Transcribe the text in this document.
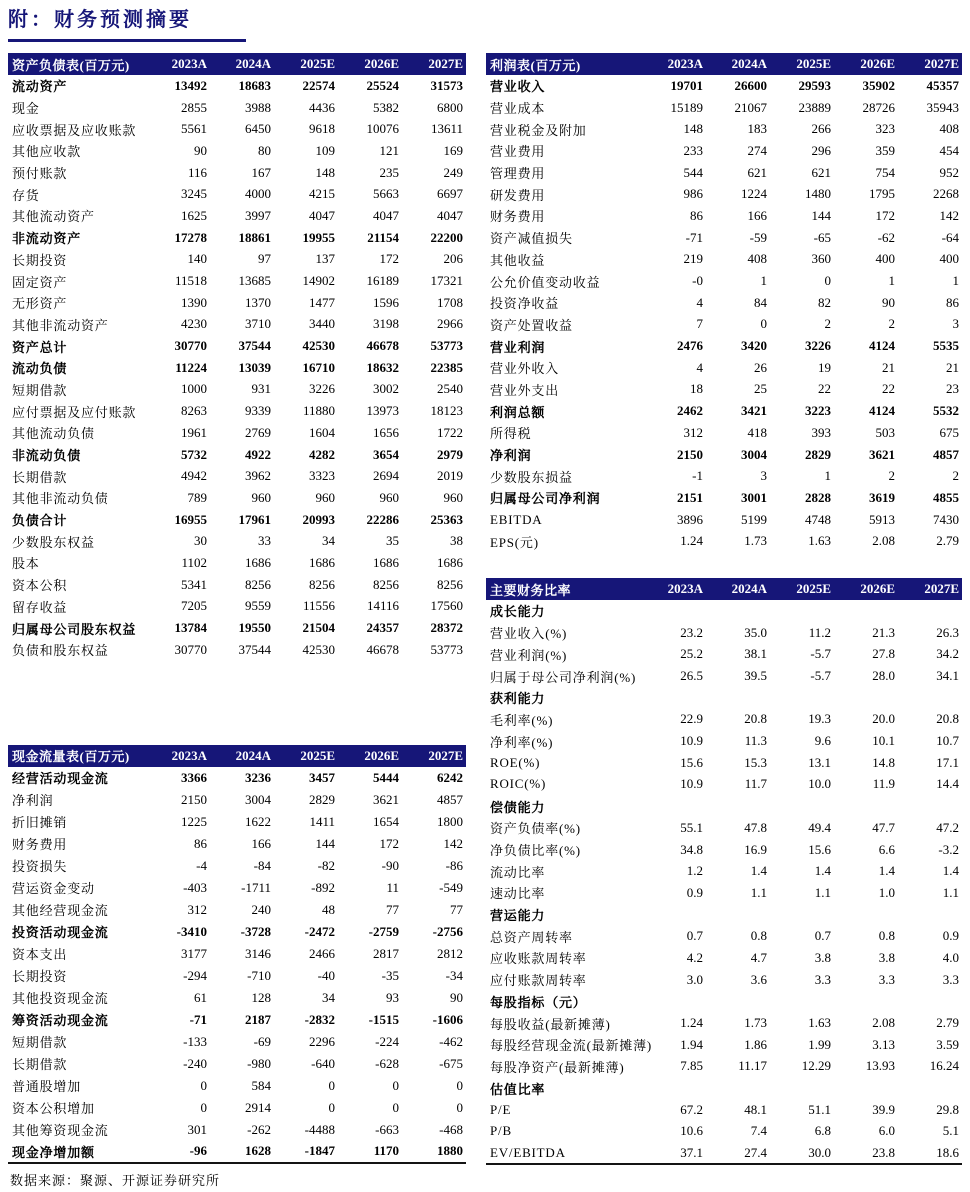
附：财务预测摘要
资产负债表(百万元)	2023A	2024A	2025E	2026E	2027E
流动资产	13492	18683	22574	25524	31573
现金	2855	3988	4436	5382	6800
应收票据及应收账款	5561	6450	9618	10076	13611
其他应收款	90	80	109	121	169
预付账款	116	167	148	235	249
存货	3245	4000	4215	5663	6697
其他流动资产	1625	3997	4047	4047	4047
非流动资产	17278	18861	19955	21154	22200
长期投资	140	97	137	172	206
固定资产	11518	13685	14902	16189	17321
无形资产	1390	1370	1477	1596	1708
其他非流动资产	4230	3710	3440	3198	2966
资产总计	30770	37544	42530	46678	53773
流动负债	11224	13039	16710	18632	22385
短期借款	1000	931	3226	3002	2540
应付票据及应付账款	8263	9339	11880	13973	18123
其他流动负债	1961	2769	1604	1656	1722
非流动负债	5732	4922	4282	3654	2979
长期借款	4942	3962	3323	2694	2019
其他非流动负债	789	960	960	960	960
负债合计	16955	17961	20993	22286	25363
少数股东权益	30	33	34	35	38
股本	1102	1686	1686	1686	1686
资本公积	5341	8256	8256	8256	8256
留存收益	7205	9559	11556	14116	17560
归属母公司股东权益	13784	19550	21504	24357	28372
负债和股东权益	30770	37544	42530	46678	53773
现金流量表(百万元)	2023A	2024A	2025E	2026E	2027E
经营活动现金流	3366	3236	3457	5444	6242
净利润	2150	3004	2829	3621	4857
折旧摊销	1225	1622	1411	1654	1800
财务费用	86	166	144	172	142
投资损失	-4	-84	-82	-90	-86
营运资金变动	-403	-1711	-892	11	-549
其他经营现金流	312	240	48	77	77
投资活动现金流	-3410	-3728	-2472	-2759	-2756
资本支出	3177	3146	2466	2817	2812
长期投资	-294	-710	-40	-35	-34
其他投资现金流	61	128	34	93	90
筹资活动现金流	-71	2187	-2832	-1515	-1606
短期借款	-133	-69	2296	-224	-462
长期借款	-240	-980	-640	-628	-675
普通股增加	0	584	0	0	0
资本公积增加	0	2914	0	0	0
其他筹资现金流	301	-262	-4488	-663	-468
现金净增加额	-96	1628	-1847	1170	1880
数据来源：聚源、开源证券研究所
利润表(百万元)	2023A	2024A	2025E	2026E	2027E
营业收入	19701	26600	29593	35902	45357
营业成本	15189	21067	23889	28726	35943
营业税金及附加	148	183	266	323	408
营业费用	233	274	296	359	454
管理费用	544	621	621	754	952
研发费用	986	1224	1480	1795	2268
财务费用	86	166	144	172	142
资产减值损失	-71	-59	-65	-62	-64
其他收益	219	408	360	400	400
公允价值变动收益	-0	1	0	1	1
投资净收益	4	84	82	90	86
资产处置收益	7	0	2	2	3
营业利润	2476	3420	3226	4124	5535
营业外收入	4	26	19	21	21
营业外支出	18	25	22	22	23
利润总额	2462	3421	3223	4124	5532
所得税	312	418	393	503	675
净利润	2150	3004	2829	3621	4857
少数股东损益	-1	3	1	2	2
归属母公司净利润	2151	3001	2828	3619	4855
EBITDA	3896	5199	4748	5913	7430
EPS(元)	1.24	1.73	1.63	2.08	2.79
主要财务比率	2023A	2024A	2025E	2026E	2027E
成长能力					
营业收入(%)	23.2	35.0	11.2	21.3	26.3
营业利润(%)	25.2	38.1	-5.7	27.8	34.2
归属于母公司净利润(%)	26.5	39.5	-5.7	28.0	34.1
获利能力					
毛利率(%)	22.9	20.8	19.3	20.0	20.8
净利率(%)	10.9	11.3	9.6	10.1	10.7
ROE(%)	15.6	15.3	13.1	14.8	17.1
ROIC(%)	10.9	11.7	10.0	11.9	14.4
偿债能力					
资产负债率(%)	55.1	47.8	49.4	47.7	47.2
净负债比率(%)	34.8	16.9	15.6	6.6	-3.2
流动比率	1.2	1.4	1.4	1.4	1.4
速动比率	0.9	1.1	1.1	1.0	1.1
营运能力					
总资产周转率	0.7	0.8	0.7	0.8	0.9
应收账款周转率	4.2	4.7	3.8	3.8	4.0
应付账款周转率	3.0	3.6	3.3	3.3	3.3
每股指标（元）					
每股收益(最新摊薄)	1.24	1.73	1.63	2.08	2.79
每股经营现金流(最新摊薄)	1.94	1.86	1.99	3.13	3.59
每股净资产(最新摊薄)	7.85	11.17	12.29	13.93	16.24
估值比率					
P/E	67.2	48.1	51.1	39.9	29.8
P/B	10.6	7.4	6.8	6.0	5.1
EV/EBITDA	37.1	27.4	30.0	23.8	18.6
